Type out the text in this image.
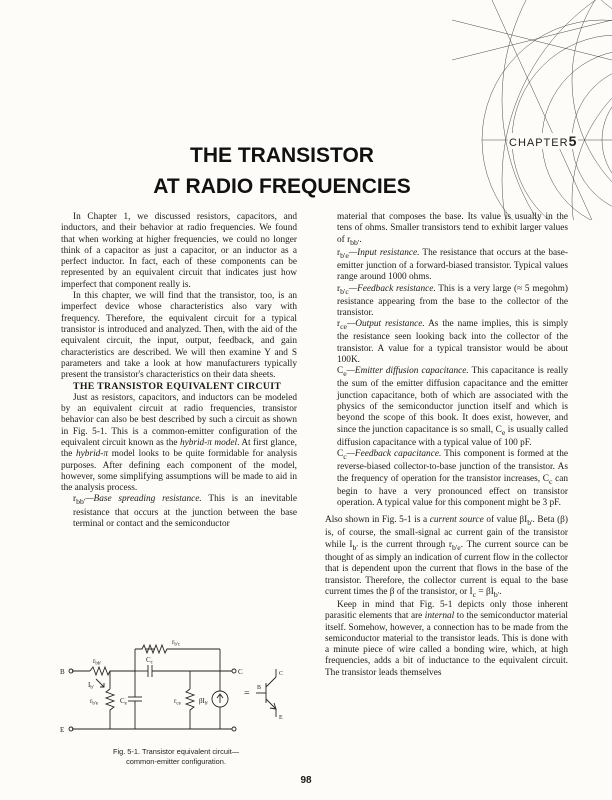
CHAPTER5
THE TRANSISTOR
AT RADIO FREQUENCIES

In Chapter 1, we discussed resistors, capacitors, and inductors, and their behavior at radio frequencies. We found that when working at higher frequencies, we could no longer think of a capacitor as just a capacitor, or an inductor as a perfect inductor. In fact, each of these components can be represented by an equivalent circuit that indicates just how imperfect that component really is.

In this chapter, we will find that the transistor, too, is an imperfect device whose characteristics also vary with frequency. Therefore, the equivalent circuit for a typical transistor is introduced and analyzed. Then, with the aid of the equivalent circuit, the input, output, feedback, and gain characteristics are described. We will then examine Y and S parameters and take a look at how manufacturers typically present the transistor's characteristics on their data sheets.

THE TRANSISTOR EQUIVALENT CIRCUIT

Just as resistors, capacitors, and inductors can be modeled by an equivalent circuit at radio frequencies, transistor behavior can also be best described by such a circuit as shown in Fig. 5-1. This is a common-emitter configuration of the equivalent circuit known as the hybrid-π model. At first glance, the hybrid-π model looks to be quite formidable for analysis purposes. After defining each component of the model, however, some simplifying assumptions will be made to aid in the analysis process.

$r_{bb'}—Base$ spreading resistance. This is an inevitable resistance that occurs at the junction between the base terminal or contact and the semiconductor

$r_{b'c}$
$C_c$
$r_{bb'}$
$I_{b'}$
$r_{b'e}$	$C_e$	$r_{ce}$	$\beta I_{b'}$
B	C
E
= B
C
E
Fig. 5-1. Transistor equivalent circuit—
common-emitter configuration.

material that composes the base. Its value is usually in the tens of ohms. Smaller transistors tend to exhibit larger values of $r_{bb'}$.

$r_{b'e}—Input$ resistance. The resistance that occurs at the base-emitter junction of a forward-biased transistor. Typical values range around 1000 ohms.

$r_{b'c}—Feedback$ resistance. This is a very large (≈ 5 megohm) resistance appearing from the base to the collector of the transistor.

$r_{ce}—Output$ resistance. As the name implies, this is simply the resistance seen looking back into the collector of the transistor. A value for a typical transistor would be about 100K.

$C_e—Emitter$ diffusion capacitance. This capacitance is really the sum of the emitter diffusion capacitance and the emitter junction capacitance, both of which are associated with the physics of the semiconductor junction itself and which is beyond the scope of this book. It does exist, however, and since the junction capacitance is so small, $C_e$ is usually called diffusion capacitance with a typical value of 100 pF.

$C_c—Feedback$ capacitance. This component is formed at the reverse-biased collector-to-base junction of the transistor. As the frequency of operation for the transistor increases, $C_c$ can begin to have a very pronounced effect on transistor operation. A typical value for this component might be 3 pF.

Also shown in Fig. 5-1 is a current source of value $\beta I_{b'}$. Beta (β) is, of course, the small-signal ac current gain of the transistor while $I_{b'}$ is the current through $r_{b'e}$. The current source can be thought of as simply an indication of current flow in the collector that is dependent upon the current that flows in the base of the transistor. Therefore, the collector current is equal to the base current times the β of the transistor, or $I_c = \beta I_{b'}$.

Keep in mind that Fig. 5-1 depicts only those inherent parasitic elements that are internal to the semiconductor material itself. Somehow, however, a connection has to be made from the semiconductor material to the transistor leads. This is done with a minute piece of wire called a bonding wire, which, at high frequencies, adds a bit of inductance to the equivalent circuit. The transistor leads themselves

98
